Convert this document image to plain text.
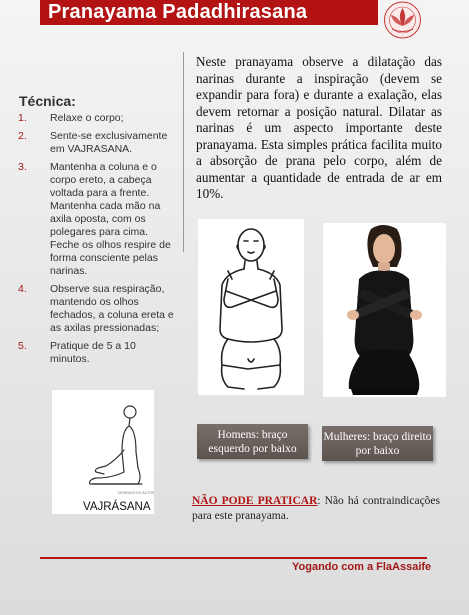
Pranayama Padadhirasana
Técnica:
1. Relaxe o corpo;
2. Sente-se exclusivamente em VAJRASANA.
3. Mantenha a coluna e o corpo ereto, a cabeça voltada para a frente. Mantenha cada mão na axila oposta, com os polegares para cima. Feche os olhos respire de forma consciente pelas narinas.
4. Observe sua respiração, mantendo os olhos fechados, a coluna ereta e as axilas pressionadas;
5. Pratique de 5 a 10 minutos.
Neste pranayama observe a dilatação das narinas durante a inspiração (devem se expandir para fora) e durante a exalação, elas devem retornar a posição natural. Dilatar as narinas é um aspecto importante deste pranayama. Esta simples prática facilita muito a absorção de prana pelo corpo, além de aumentar a quantidade de entrada de ar em 10%.
DESENHO DO AUTOR
VAJRÁSANA
Homens: braço esquerdo por baixo
Mulheres: braço direito por baixo
NÃO PODE PRATICAR: Não há contraindicações para este pranayama.
Yogando com a FlaAssaife
